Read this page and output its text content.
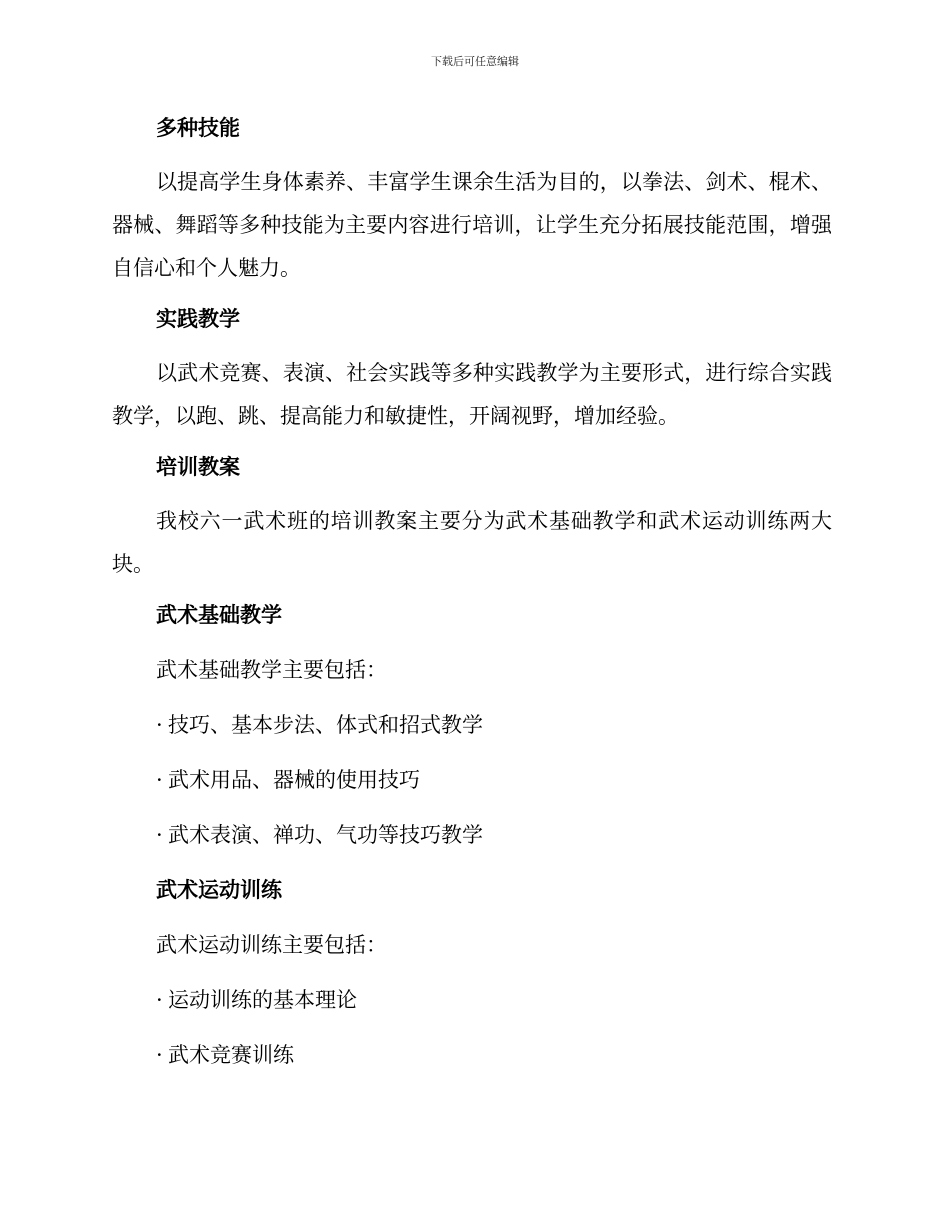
下载后可任意编辑
多种技能

以提高学生身体素养、丰富学生课余生活为目的，以拳法、剑术、棍术、器械、舞蹈等多种技能为主要内容进行培训，让学生充分拓展技能范围，增强自信心和个人魅力。

实践教学

以武术竞赛、表演、社会实践等多种实践教学为主要形式，进行综合实践教学，以跑、跳、提高能力和敏捷性，开阔视野，增加经验。

培训教案

我校六一武术班的培训教案主要分为武术基础教学和武术运动训练两大块。

武术基础教学

武术基础教学主要包括：

· 技巧、基本步法、体式和招式教学

· 武术用品、器械的使用技巧

· 武术表演、禅功、气功等技巧教学

武术运动训练

武术运动训练主要包括：

· 运动训练的基本理论

· 武术竞赛训练
